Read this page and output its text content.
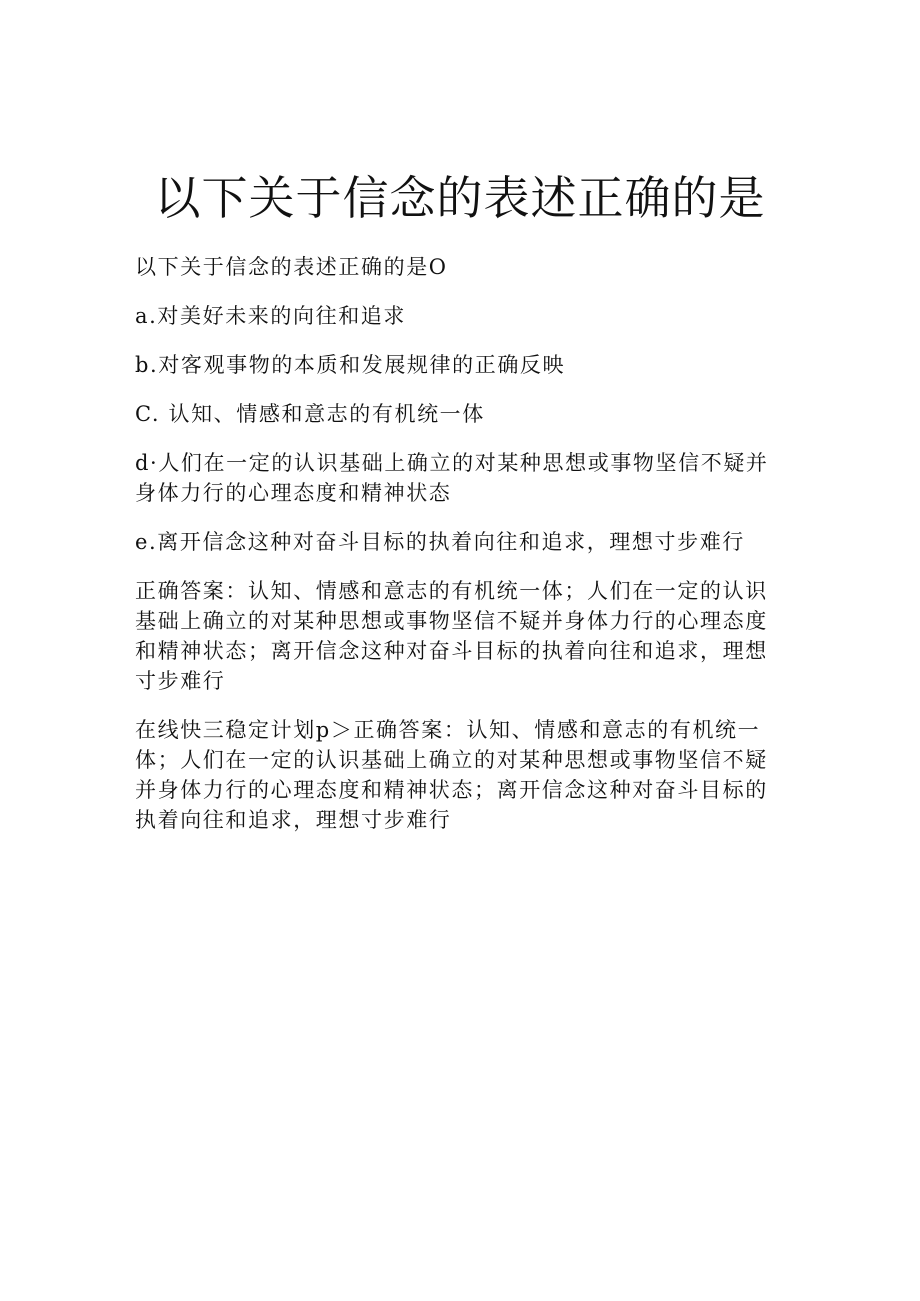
以下关于信念的表述正确的是

以下关于信念的表述正确的是O

a.对美好未来的向往和追求

b.对客观事物的本质和发展规律的正确反映

C. 认知、情感和意志的有机统一体

d·人们在一定的认识基础上确立的对某种思想或事物坚信不疑并身体力行的心理态度和精神状态

e.离开信念这种对奋斗目标的执着向往和追求，理想寸步难行

正确答案：认知、情感和意志的有机统一体；人们在一定的认识基础上确立的对某种思想或事物坚信不疑并身体力行的心理态度和精神状态；离开信念这种对奋斗目标的执着向往和追求，理想寸步难行

在线快三稳定计划p＞正确答案：认知、情感和意志的有机统一体；人们在一定的认识基础上确立的对某种思想或事物坚信不疑并身体力行的心理态度和精神状态；离开信念这种对奋斗目标的执着向往和追求，理想寸步难行
